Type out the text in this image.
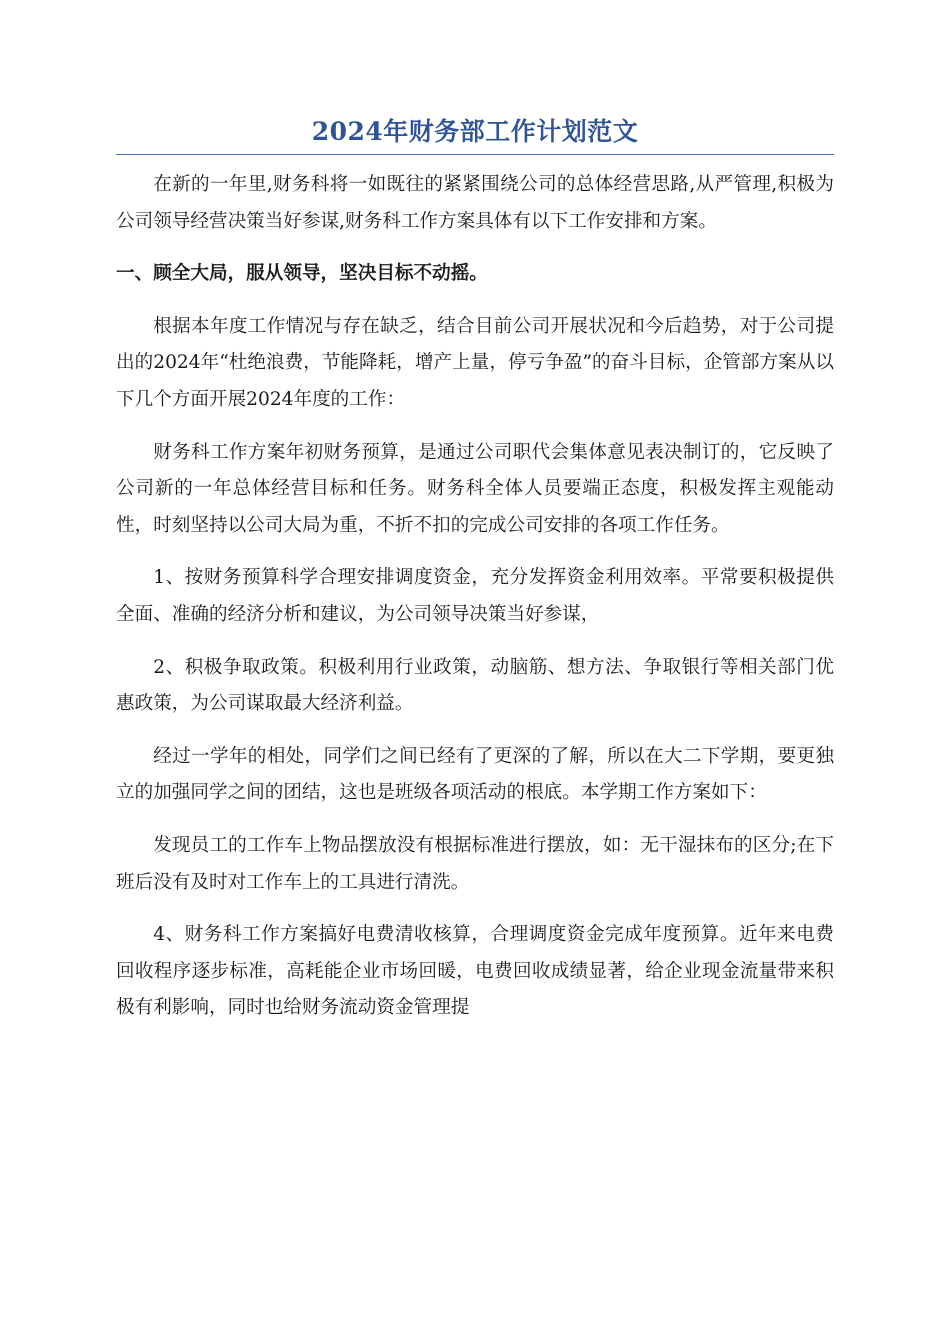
2024年财务部工作计划范文

在新的一年里,财务科将一如既往的紧紧围绕公司的总体经营思路,从严管理,积极为公司领导经营决策当好参谋,财务科工作方案具体有以下工作安排和方案。

一、顾全大局，服从领导，坚决目标不动摇。

根据本年度工作情况与存在缺乏，结合目前公司开展状况和今后趋势，对于公司提出的2024年“杜绝浪费，节能降耗，增产上量，停亏争盈”的奋斗目标，企管部方案从以下几个方面开展2024年度的工作：

财务科工作方案年初财务预算，是通过公司职代会集体意见表决制订的，它反映了公司新的一年总体经营目标和任务。财务科全体人员要端正态度，积极发挥主观能动性，时刻坚持以公司大局为重，不折不扣的完成公司安排的各项工作任务。

1、按财务预算科学合理安排调度资金，充分发挥资金利用效率。平常要积极提供全面、准确的经济分析和建议，为公司领导决策当好参谋，

2、积极争取政策。积极利用行业政策，动脑筋、想方法、争取银行等相关部门优惠政策，为公司谋取最大经济利益。

经过一学年的相处，同学们之间已经有了更深的了解，所以在大二下学期，要更独立的加强同学之间的团结，这也是班级各项活动的根底。本学期工作方案如下：

发现员工的工作车上物品摆放没有根据标准进行摆放，如：无干湿抹布的区分;在下班后没有及时对工作车上的工具进行清洗。

4、财务科工作方案搞好电费清收核算，合理调度资金完成年度预算。近年来电费回收程序逐步标准，高耗能企业市场回暖，电费回收成绩显著，给企业现金流量带来积极有利影响，同时也给财务流动资金管理提
